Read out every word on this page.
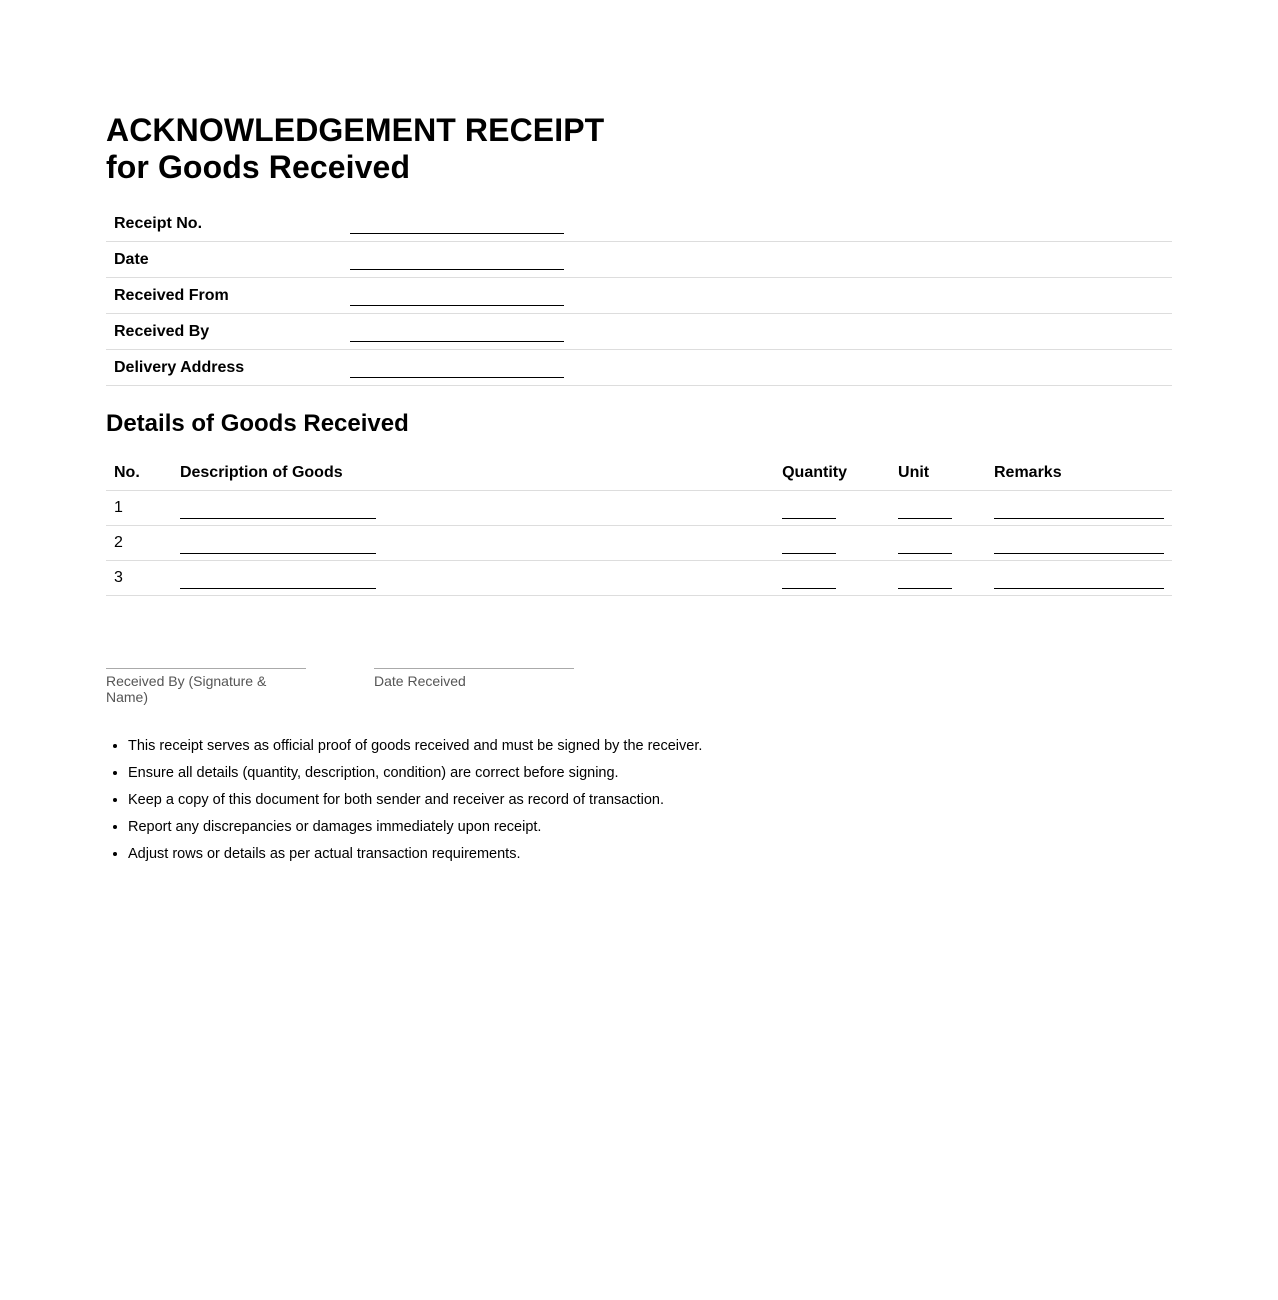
ACKNOWLEDGEMENT RECEIPT
for Goods Received
Receipt No.	
Date	
Received From	
Received By	
Delivery Address	
Details of Goods Received
No.	Description of Goods	Quantity	Unit	Remarks
1				
2				
3				
Received By (Signature & Name)
Date Received
• This receipt serves as official proof of goods received and must be signed by the receiver.
• Ensure all details (quantity, description, condition) are correct before signing.
• Keep a copy of this document for both sender and receiver as record of transaction.
• Report any discrepancies or damages immediately upon receipt.
• Adjust rows or details as per actual transaction requirements.
